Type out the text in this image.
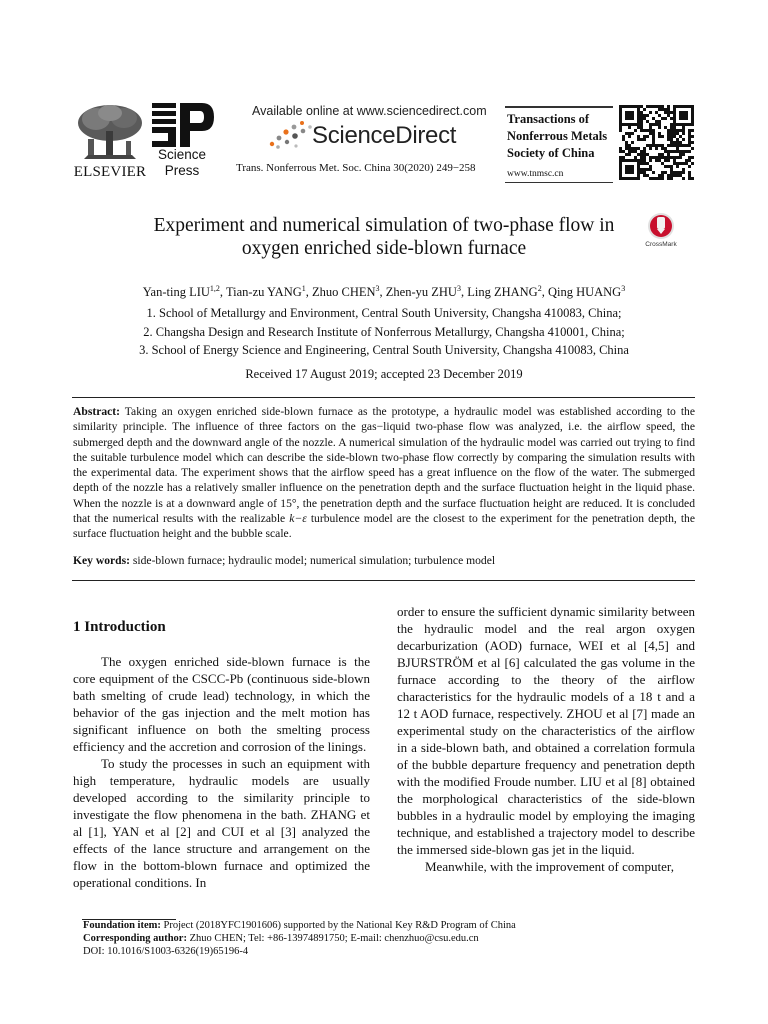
ELSEVIER
Science
Press
Available online at www.sciencedirect.com
ScienceDirect
Trans. Nonferrous Met. Soc. China 30(2020) 249−258
Transactions of
Nonferrous Metals
Society of China
www.tnmsc.cn
Experiment and numerical simulation of two-phase flow in
oxygen enriched side-blown furnace	CrossMark
Yan-ting LIU$^{1,2}$, Tian-zu YANG$^1$, Zhuo CHEN$^3$, Zhen-yu ZHU$^3$, Ling ZHANG$^2$, Qing HUANG$^3$
1. School of Metallurgy and Environment, Central South University, Changsha 410083, China;
2. Changsha Design and Research Institute of Nonferrous Metallurgy, Changsha 410001, China;
3. School of Energy Science and Engineering, Central South University, Changsha 410083, China
Received 17 August 2019; accepted 23 December 2019
Abstract: Taking an oxygen enriched side-blown furnace as the prototype, a hydraulic model was established according to the similarity principle. The influence of three factors on the gas−liquid two-phase flow was analyzed, i.e. the airflow speed, the submerged depth and the downward angle of the nozzle. A numerical simulation of the hydraulic model was carried out trying to find the suitable turbulence model which can describe the side-blown two-phase flow correctly by comparing the simulation results with the experimental data. The experiment shows that the airflow speed has a great influence on the flow of the water. The submerged depth of the nozzle has a relatively smaller influence on the penetration depth and the surface fluctuation height in the liquid phase. When the nozzle is at a downward angle of 15°, the penetration depth and the surface fluctuation height are reduced. It is concluded that the numerical results with the realizable k−ε turbulence model are the closest to the experiment for the penetration depth, the surface fluctuation height and the bubble scale.
Key words: side-blown furnace; hydraulic model; numerical simulation; turbulence model
1 Introduction

The oxygen enriched side-blown furnace is the core equipment of the CSCC-Pb (continuous side-blown bath smelting of crude lead) technology, in which the behavior of the gas injection and the melt motion has significant influence on both the smelting process efficiency and the accretion and corrosion of the linings.

To study the processes in such an equipment with high temperature, hydraulic models are usually developed according to the similarity principle to investigate the flow phenomena in the bath. ZHANG et al [1], YAN et al [2] and CUI et al [3] analyzed the effects of the lance structure and arrangement on the flow in the bottom-blown furnace and optimized the operational conditions. In

order to ensure the sufficient dynamic similarity between the hydraulic model and the real argon oxygen decarburization (AOD) furnace, WEI et al [4,5] and BJURSTRÖM et al [6] calculated the gas volume in the furnace according to the theory of the airflow characteristics for the hydraulic models of a 18 t and a 12 t AOD furnace, respectively. ZHOU et al [7] made an experimental study on the characteristics of the airflow in a side-blown bath, and obtained a correlation formula of the bubble departure frequency and penetration depth with the modified Froude number. LIU et al [8] obtained the morphological characteristics of the side-blown bubbles in a hydraulic model by employing the imaging technique, and established a trajectory model to describe the immersed side-blown gas jet in the liquid.

Meanwhile, with the improvement of computer,

Foundation item: Project (2018YFC1901606) supported by the National Key R&D Program of China
Corresponding author: Zhuo CHEN; Tel: +86-13974891750; E-mail: chenzhuo@csu.edu.cn
DOI: 10.1016/S1003-6326(19)65196-4
